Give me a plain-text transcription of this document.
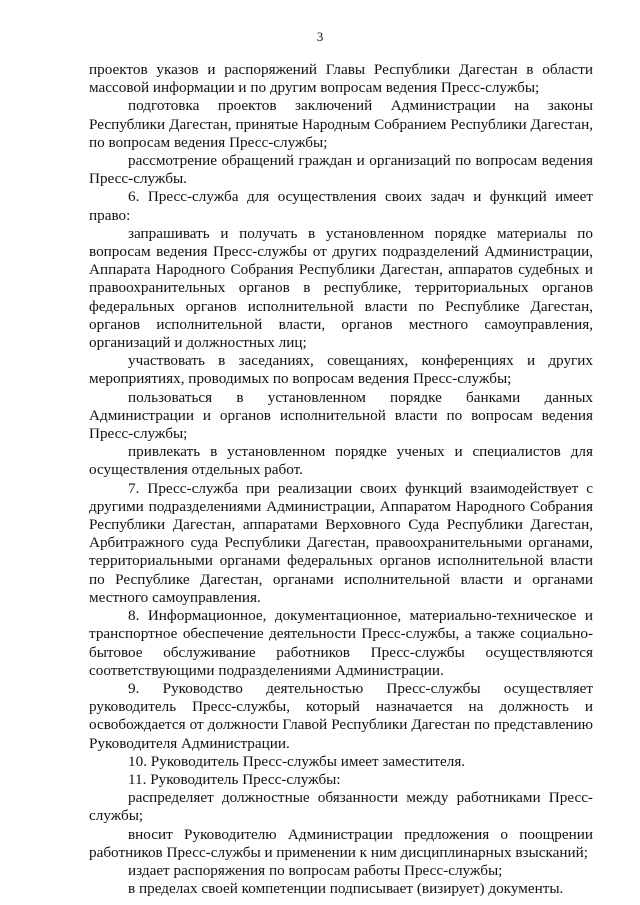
3

проектов указов и распоряжений Главы Республики Дагестан в области массовой информации и по другим вопросам ведения Пресс-службы;

подготовка проектов заключений Администрации на законы Республики Дагестан, принятые Народным Собранием Республики Дагестан, по вопросам ведения Пресс-службы;

рассмотрение обращений граждан и организаций по вопросам ведения Пресс-службы.

6. Пресс-служба для осуществления своих задач и функций имеет право:

запрашивать и получать в установленном порядке материалы по вопросам ведения Пресс-службы от других подразделений Администрации, Аппарата Народного Собрания Республики Дагестан, аппаратов судебных и правоохранительных органов в республике, территориальных органов федеральных органов исполнительной власти по Республике Дагестан, органов исполнительной власти, органов местного самоуправления, организаций и должностных лиц;

участвовать в заседаниях, совещаниях, конференциях и других мероприятиях, проводимых по вопросам ведения Пресс-службы;

пользоваться в установленном порядке банками данных Администрации и органов исполнительной власти по вопросам ведения Пресс-службы;

привлекать в установленном порядке ученых и специалистов для осуществления отдельных работ.

7. Пресс-служба при реализации своих функций взаимодействует с другими подразделениями Администрации, Аппаратом Народного Собрания Республики Дагестан, аппаратами Верховного Суда Республики Дагестан, Арбитражного суда Республики Дагестан, правоохранительными органами, территориальными органами федеральных органов исполнительной власти по Республике Дагестан, органами исполнительной власти и органами местного самоуправления.

8. Информационное, документационное, материально-техническое и транспортное обеспечение деятельности Пресс-службы, а также социально-бытовое обслуживание работников Пресс-службы осуществляются соответствующими подразделениями Администрации.

9. Руководство деятельностью Пресс-службы осуществляет руководитель Пресс-службы, который назначается на должность и освобождается от должности Главой Республики Дагестан по представлению Руководителя Администрации.

10. Руководитель Пресс-службы имеет заместителя.

11. Руководитель Пресс-службы:

распределяет должностные обязанности между работниками Пресс-службы;

вносит Руководителю Администрации предложения о поощрении работников Пресс-службы и применении к ним дисциплинарных взысканий;

издает распоряжения по вопросам работы Пресс-службы;

в пределах своей компетенции подписывает (визирует) документы.
